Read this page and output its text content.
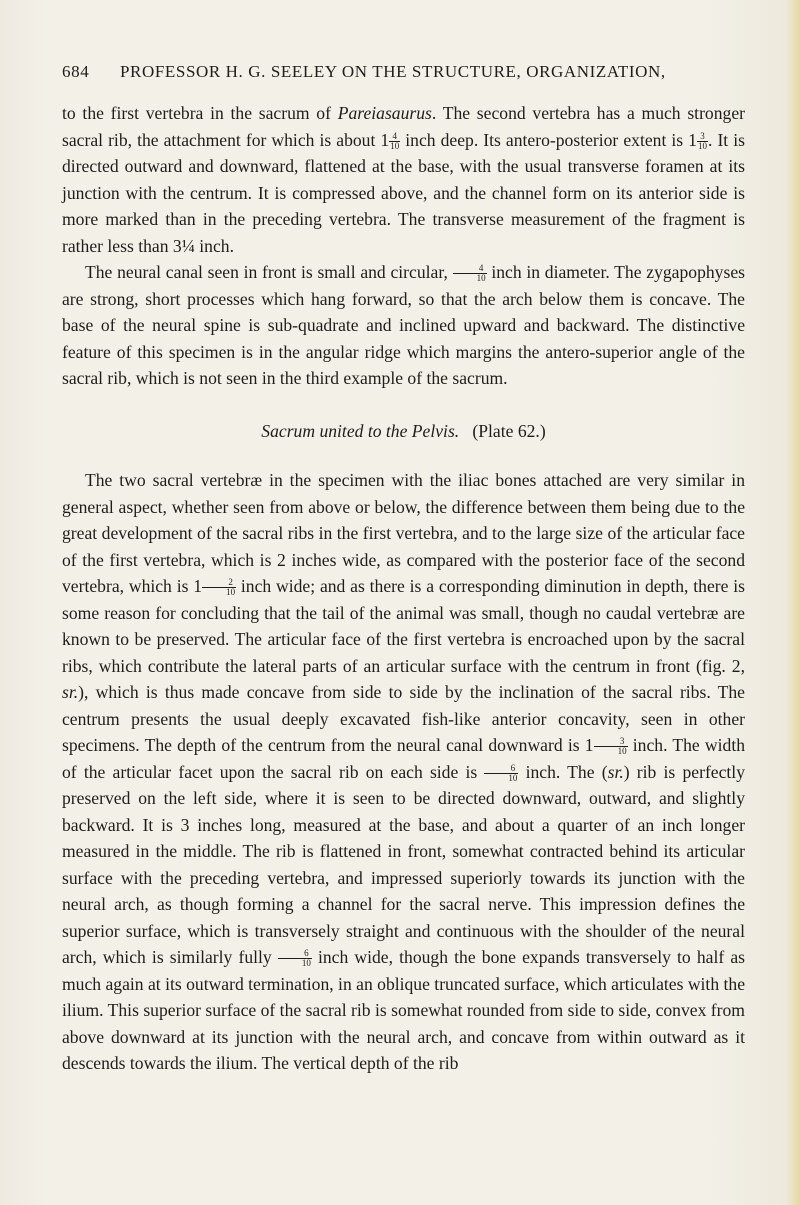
684 PROFESSOR H. G. SEELEY ON THE STRUCTURE, ORGANIZATION,

to the first vertebra in the sacrum of Pareiasaurus. The second vertebra has a much stronger sacral rib, the attachment for which is about $1 \frac{4}{10}$ inch deep. Its antero-posterior extent is $1 \frac{3}{10}$ . It is directed outward and downward, flattened at the base, with the usual transverse foramen at its junction with the centrum. It is compressed above, and the channel form on its anterior side is more marked than in the preceding vertebra. The transverse measurement of the fragment is rather less than 3¼ inch.

The neural canal seen in front is small and circular, $\frac{4}{10}$ inch in diameter. The zygapophyses are strong, short processes which hang forward, so that the arch below them is concave. The base of the neural spine is sub-quadrate and inclined upward and backward. The distinctive feature of this specimen is in the angular ridge which margins the antero-superior angle of the sacral rib, which is not seen in the third example of the sacrum.

Sacrum united to the Pelvis. (Plate 62.)

The two sacral vertebræ in the specimen with the iliac bones attached are very similar in general aspect, whether seen from above or below, the difference between them being due to the great development of the sacral ribs in the first vertebra, and to the large size of the articular face of the first vertebra, which is 2 inches wide, as compared with the posterior face of the second vertebra, which is $1 \frac{2}{10}$ inch wide; and as there is a corresponding diminution in depth, there is some reason for concluding that the tail of the animal was small, though no caudal vertebræ are known to be preserved. The articular face of the first vertebra is encroached upon by the sacral ribs, which contribute the lateral parts of an articular surface with the centrum in front (fig. 2, sr.), which is thus made concave from side to side by the inclination of the sacral ribs. The centrum presents the usual deeply excavated fish-like anterior concavity, seen in other specimens. The depth of the centrum from the neural canal downward is $1 \frac{3}{10}$ inch. The width of the articular facet upon the sacral rib on each side is $\frac{6}{10}$ inch. The (sr.) rib is perfectly preserved on the left side, where it is seen to be directed downward, outward, and slightly backward. It is 3 inches long, measured at the base, and about a quarter of an inch longer measured in the middle. The rib is flattened in front, somewhat contracted behind its articular surface with the preceding vertebra, and impressed superiorly towards its junction with the neural arch, as though forming a channel for the sacral nerve. This impression defines the superior surface, which is transversely straight and continuous with the shoulder of the neural arch, which is similarly fully $\frac{6}{10}$ inch wide, though the bone expands transversely to half as much again at its outward termination, in an oblique truncated surface, which articulates with the ilium. This superior surface of the sacral rib is somewhat rounded from side to side, convex from above downward at its junction with the neural arch, and concave from within outward as it descends towards the ilium. The vertical depth of the rib
